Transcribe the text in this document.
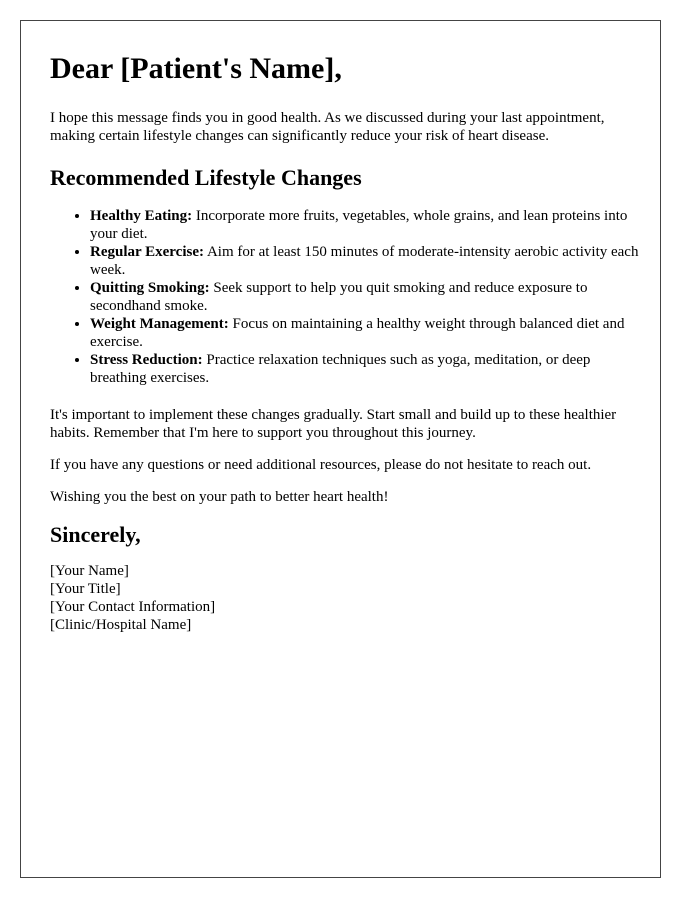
Dear [Patient's Name],

I hope this message finds you in good health. As we discussed during your last appointment, making certain lifestyle changes can significantly reduce your risk of heart disease.

Recommended Lifestyle Changes
• Healthy Eating: Incorporate more fruits, vegetables, whole grains, and lean proteins into your diet.
• Regular Exercise: Aim for at least 150 minutes of moderate-intensity aerobic activity each week.
• Quitting Smoking: Seek support to help you quit smoking and reduce exposure to secondhand smoke.
• Weight Management: Focus on maintaining a healthy weight through balanced diet and exercise.
• Stress Reduction: Practice relaxation techniques such as yoga, meditation, or deep breathing exercises.

It's important to implement these changes gradually. Start small and build up to these healthier habits. Remember that I'm here to support you throughout this journey.

If you have any questions or need additional resources, please do not hesitate to reach out.

Wishing you the best on your path to better heart health!

Sincerely,
[Your Name]
[Your Title]
[Your Contact Information]
[Clinic/Hospital Name]
